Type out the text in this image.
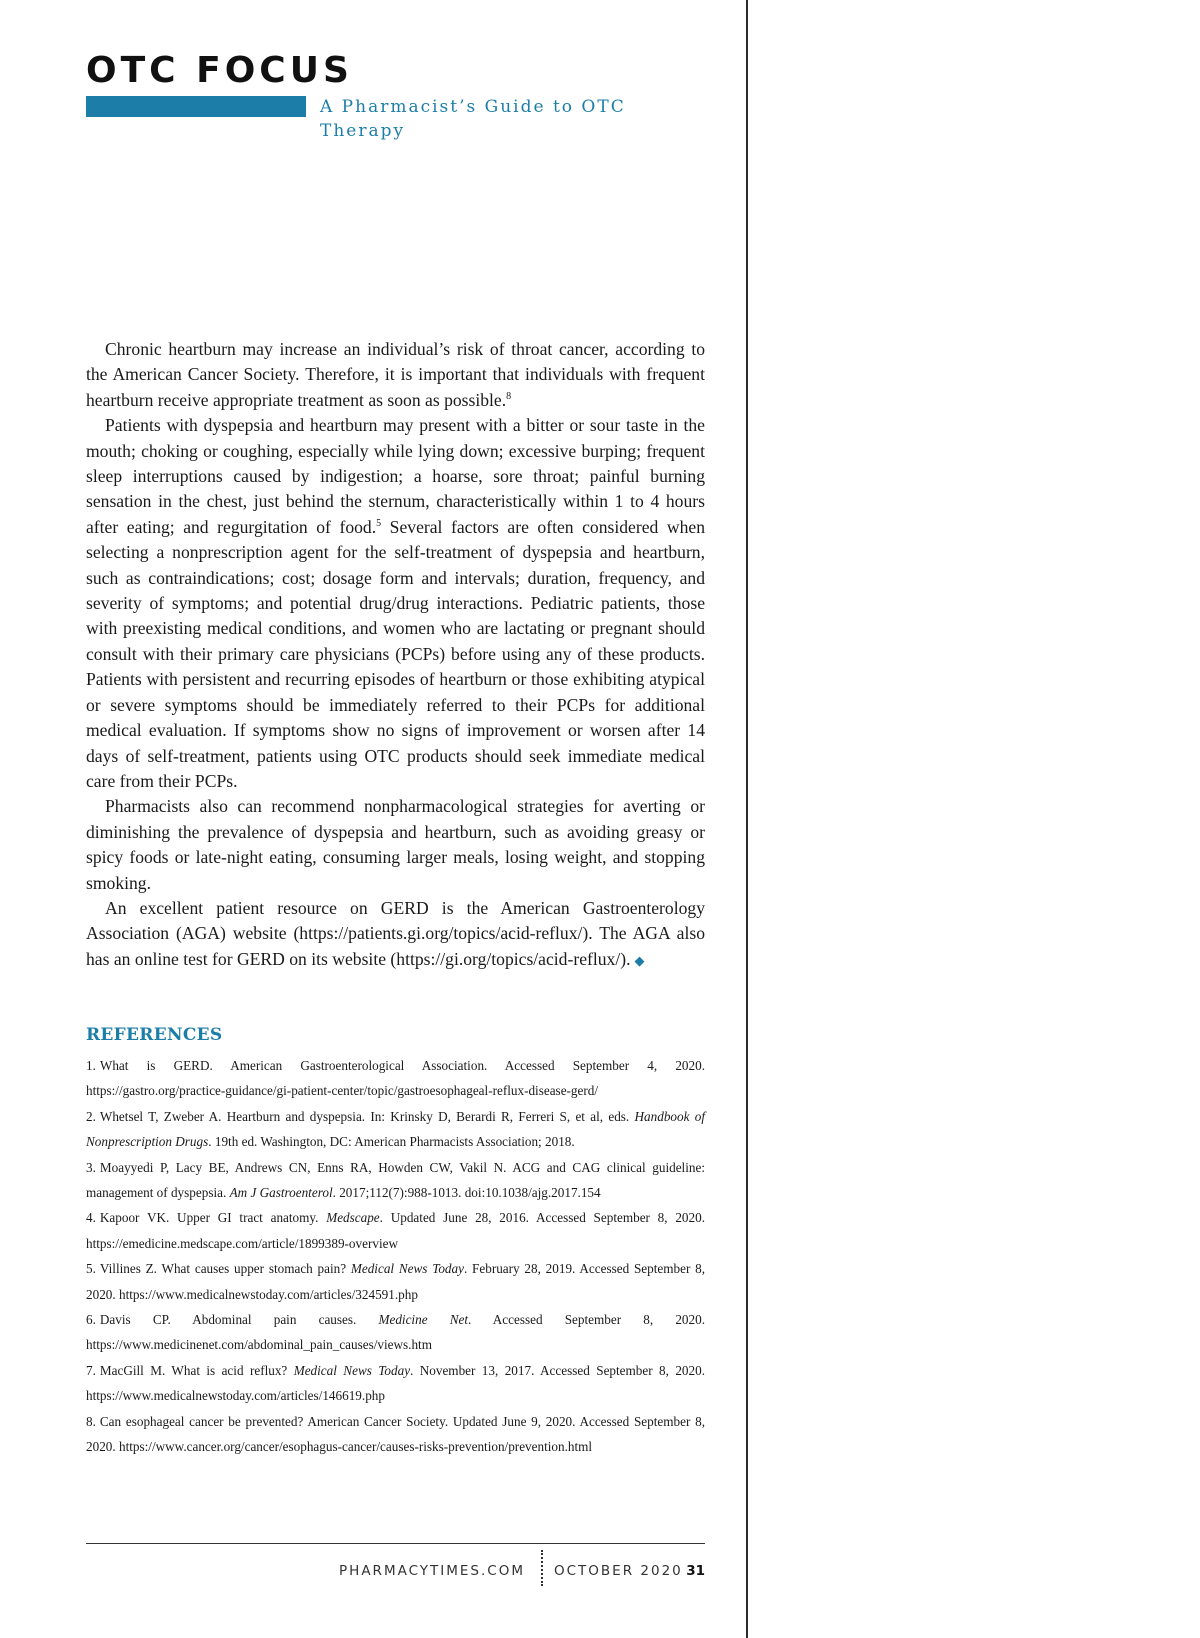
OTC FOCUS
A Pharmacist’s Guide to OTC Therapy

Chronic heartburn may increase an individual’s risk of throat cancer, according to the American Cancer Society. Therefore, it is important that individuals with frequent heartburn receive appropriate treatment as soon as possible.$^8$

Patients with dyspepsia and heartburn may present with a bitter or sour taste in the mouth; choking or coughing, especially while lying down; excessive burping; frequent sleep interruptions caused by indigestion; a hoarse, sore throat; painful burning sensation in the chest, just behind the sternum, characteristically within 1 to 4 hours after eating; and regurgitation of food.$^5$ Several factors are often considered when selecting a nonprescription agent for the self-treatment of dyspepsia and heartburn, such as contraindications; cost; dosage form and intervals; duration, frequency, and severity of symptoms; and potential drug/drug interactions. Pediatric patients, those with preexisting medical conditions, and women who are lactating or pregnant should consult with their primary care physicians (PCPs) before using any of these products. Patients with persistent and recurring episodes of heartburn or those exhibiting atypical or severe symptoms should be immediately referred to their PCPs for additional medical evaluation. If symptoms show no signs of improvement or worsen after 14 days of self-treatment, patients using OTC products should seek immediate medical care from their PCPs.

Pharmacists also can recommend nonpharmacological strategies for averting or diminishing the prevalence of dyspepsia and heartburn, such as avoiding greasy or spicy foods or late-night eating, consuming larger meals, losing weight, and stopping smoking.

An excellent patient resource on GERD is the American Gastroenterology Association (AGA) website (https://patients.gi.org/topics/acid-reflux/). The AGA also has an online test for GERD on its website (https://gi.org/topics/acid-reflux/). ◆

REFERENCES
1. What is GERD. American Gastroenterological Association. Accessed September 4, 2020. https://gastro.org/practice-guidance/gi-patient-center/topic/gastroesophageal-reflux-disease-gerd/
2. Whetsel T, Zweber A. Heartburn and dyspepsia. In: Krinsky D, Berardi R, Ferreri S, et al, eds. Handbook of Nonprescription Drugs. 19th ed. Washington, DC: American Pharmacists Association; 2018.
3. Moayyedi P, Lacy BE, Andrews CN, Enns RA, Howden CW, Vakil N. ACG and CAG clinical guideline: management of dyspepsia. Am J Gastroenterol. 2017;112(7):988-1013. doi:10.1038/ajg.2017.154
4. Kapoor VK. Upper GI tract anatomy. Medscape. Updated June 28, 2016. Accessed September 8, 2020. https://emedicine.medscape.com/article/1899389-overview
5. Villines Z. What causes upper stomach pain? Medical News Today. February 28, 2019. Accessed September 8, 2020. https://www.medicalnewstoday.com/articles/324591.php
6. Davis CP. Abdominal pain causes. Medicine Net. Accessed September 8, 2020. https://www.medicinenet.com/abdominal_pain_causes/views.htm
7. MacGill M. What is acid reflux? Medical News Today. November 13, 2017. Accessed September 8, 2020. https://www.medicalnewstoday.com/articles/146619.php
8. Can esophageal cancer be prevented? American Cancer Society. Updated June 9, 2020. Accessed September 8, 2020. https://www.cancer.org/cancer/esophagus-cancer/causes-risks-prevention/prevention.html
PHARMACYTIMES.COM OCTOBER 2020 31
